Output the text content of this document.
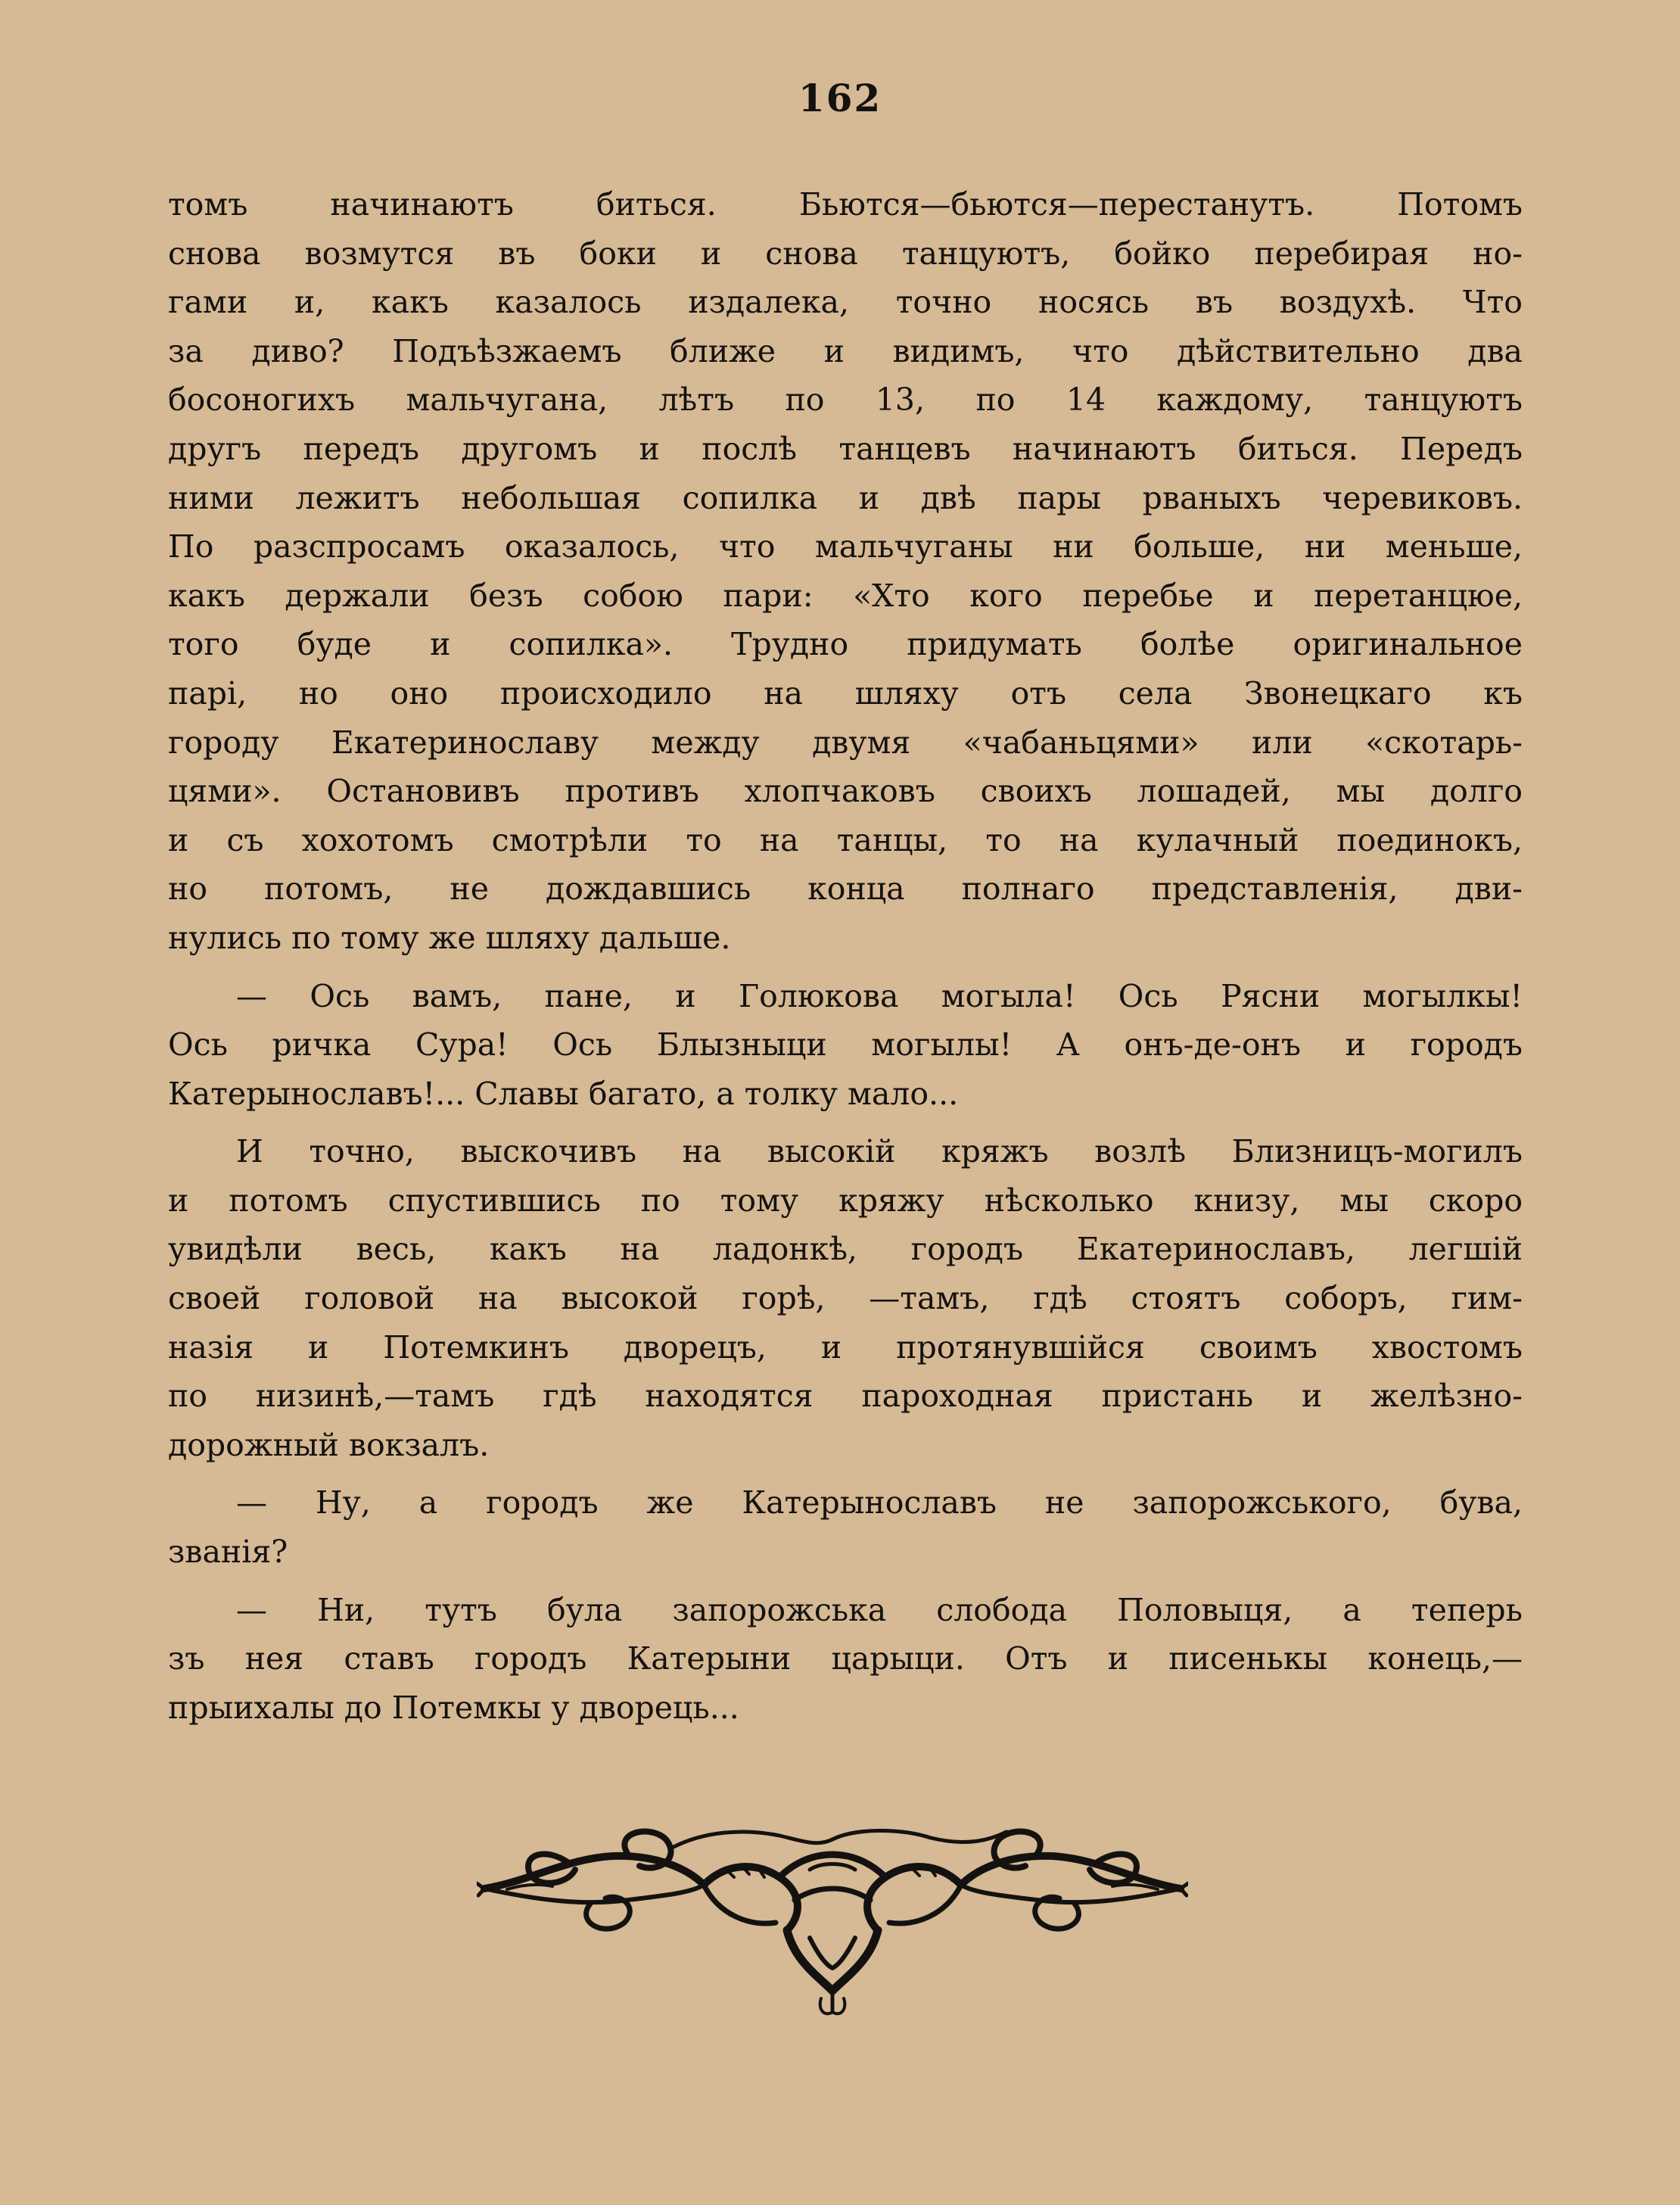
162
томъ начинаютъ биться. Бьются—бьются—перестанутъ. Потомъ
снова возмутся въ боки и снова танцуютъ, бойко перебирая но-
гами и, какъ казалось издалека, точно носясь въ воздухѣ. Что
за диво? Подъѣзжаемъ ближе и видимъ, что дѣйствительно два
босоногихъ мальчугана, лѣтъ по 13, по 14 каждому, танцуютъ
другъ передъ другомъ и послѣ танцевъ начинаютъ биться. Передъ
ними лежитъ небольшая сопилка и двѣ пары рваныхъ черевиковъ.
По разспросамъ оказалось, что мальчуганы ни больше, ни меньше,
какъ держали безъ собою пари: «Хто кого перебье и перетанцюе,
того буде и сопилка». Трудно придумать болѣе оригинальное
парі, но оно происходило на шляху отъ села Звонецкаго къ
городу Екатеринославу между двумя «чабаньцями» или «скотарь-
цями». Остановивъ противъ хлопчаковъ своихъ лошадей, мы долго
и съ хохотомъ смотрѣли то на танцы, то на кулачный поединокъ,
но потомъ, не дождавшись конца полнаго представленія, дви-
нулись по тому же шляху дальше.
— Ось вамъ, пане, и Голюкова могыла! Ось Рясни могылкы!
Ось ричка Сура! Ось Блызныци могылы! А онъ-де-онъ и городъ
Катерынославъ!... Славы багато, а толку мало...
И точно, выскочивъ на высокій кряжъ возлѣ Близницъ-могилъ
и потомъ спустившись по тому кряжу нѣсколько книзу, мы скоро
увидѣли весь, какъ на ладонкѣ, городъ Екатеринославъ, легшій
своей головой на высокой горѣ, —тамъ, гдѣ стоятъ соборъ, гим-
назія и Потемкинъ дворецъ, и протянувшійся своимъ хвостомъ
по низинѣ,—тамъ гдѣ находятся пароходная пристань и желѣзно-
дорожный вокзалъ.
— Ну, а городъ же Катерынославъ не запорожського, бува,
званія?
— Ни, тутъ була запорожська слобода Половыця, а теперь
зъ нея ставъ городъ Катерыни царыци. Отъ и писенькы конець,—
прыихалы до Потемкы у дворець...
